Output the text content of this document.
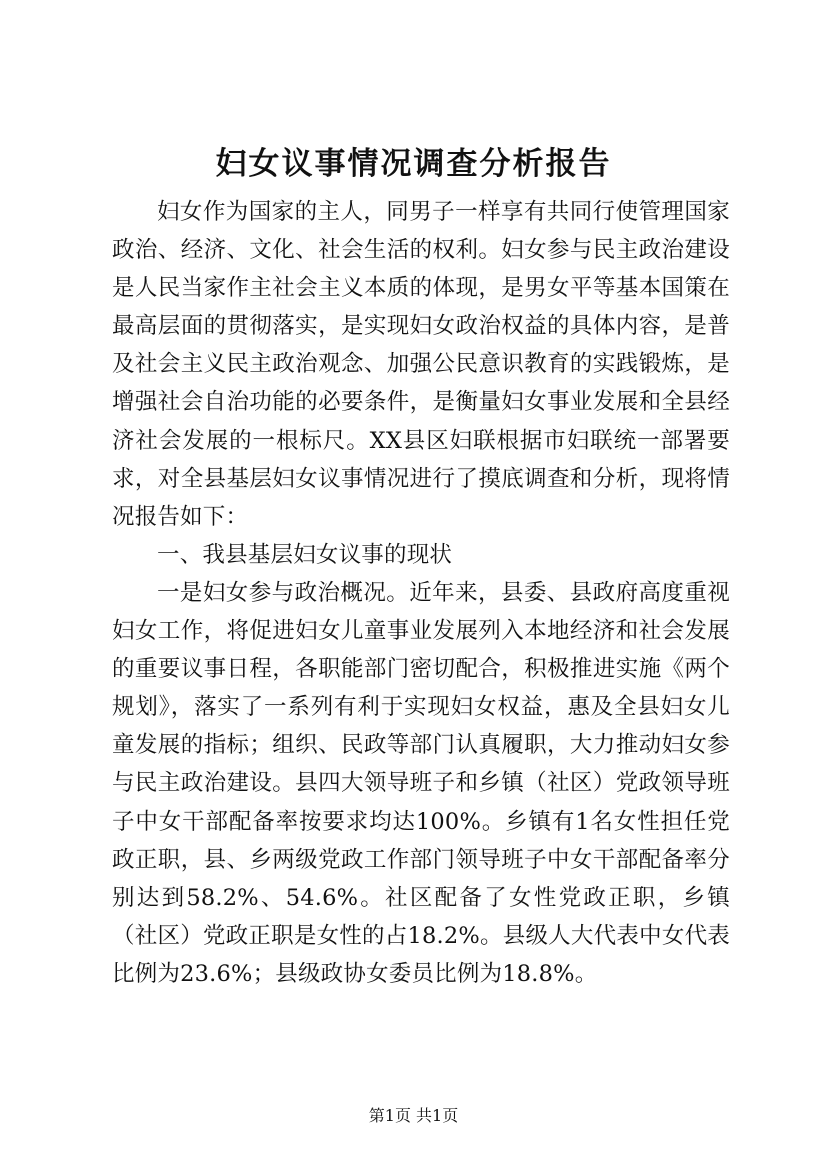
妇女议事情况调查分析报告

妇女作为国家的主人，同男子一样享有共同行使管理国家政治、经济、文化、社会生活的权利。妇女参与民主政治建设是人民当家作主社会主义本质的体现，是男女平等基本国策在最高层面的贯彻落实，是实现妇女政治权益的具体内容，是普及社会主义民主政治观念、加强公民意识教育的实践锻炼，是增强社会自治功能的必要条件，是衡量妇女事业发展和全县经济社会发展的一根标尺。XX县区妇联根据市妇联统一部署要求，对全县基层妇女议事情况进行了摸底调查和分析，现将情况报告如下：

一、我县基层妇女议事的现状

一是妇女参与政治概况。近年来，县委、县政府高度重视妇女工作，将促进妇女儿童事业发展列入本地经济和社会发展的重要议事日程，各职能部门密切配合，积极推进实施《两个规划》，落实了一系列有利于实现妇女权益，惠及全县妇女儿童发展的指标；组织、民政等部门认真履职，大力推动妇女参与民主政治建设。县四大领导班子和乡镇（社区）党政领导班子中女干部配备率按要求均达100%。乡镇有1名女性担任党政正职，县、乡两级党政工作部门领导班子中女干部配备率分别达到58.2%、54.6%。社区配备了女性党政正职，乡镇（社区）党政正职是女性的占18.2%。县级人大代表中女代表比例为23.6%；县级政协女委员比例为18.8%。

第1页 共1页
